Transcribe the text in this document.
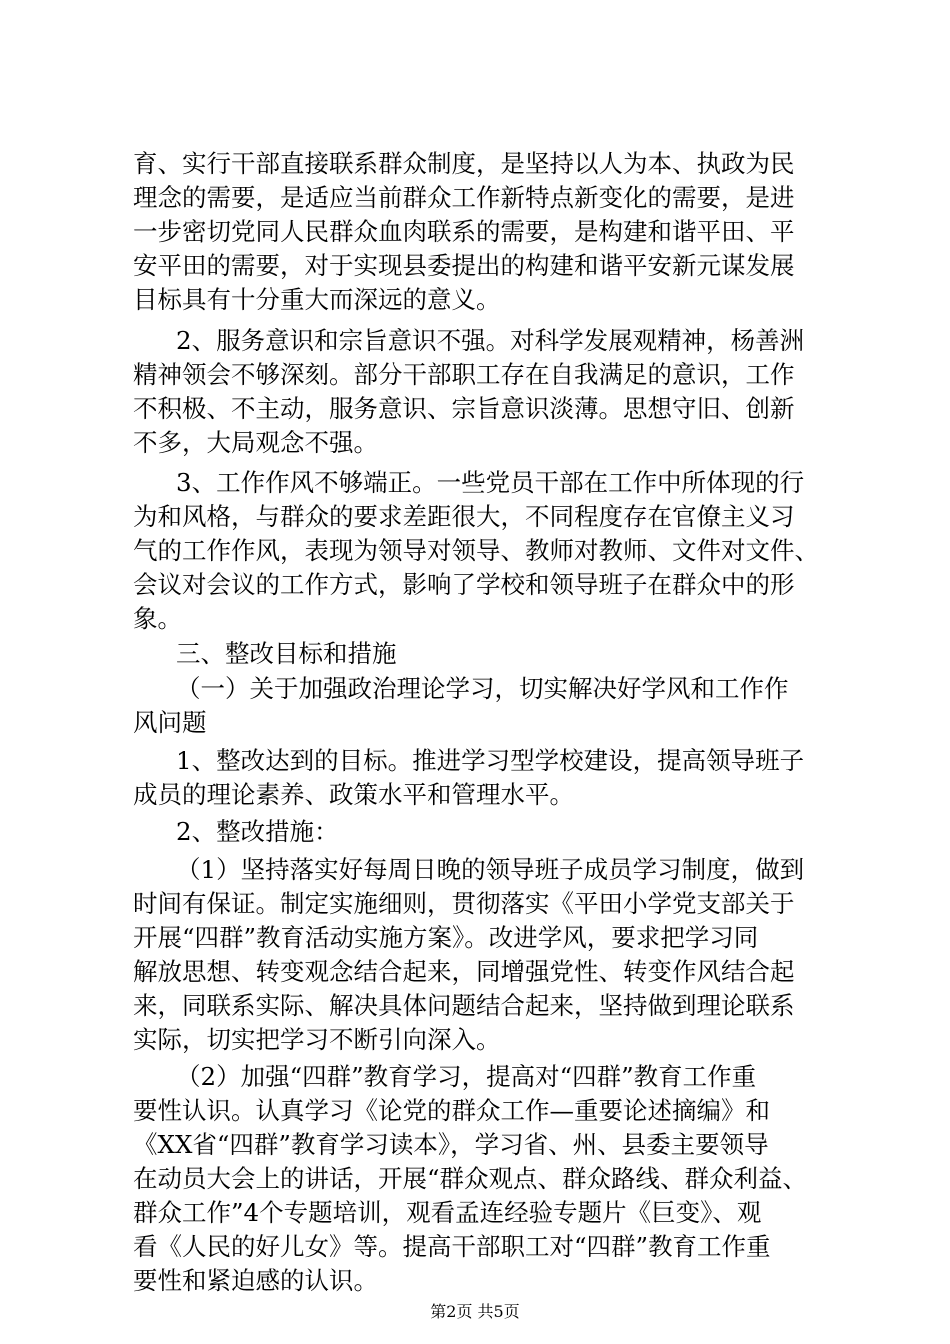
育、实行干部直接联系群众制度，是坚持以人为本、执政为民
理念的需要，是适应当前群众工作新特点新变化的需要，是进
一步密切党同人民群众血肉联系的需要，是构建和谐平田、平
安平田的需要，对于实现县委提出的构建和谐平安新元谋发展
目标具有十分重大而深远的意义。
2、服务意识和宗旨意识不强。对科学发展观精神，杨善洲
精神领会不够深刻。部分干部职工存在自我满足的意识，工作
不积极、不主动，服务意识、宗旨意识淡薄。思想守旧、创新
不多，大局观念不强。
3、工作作风不够端正。一些党员干部在工作中所体现的行
为和风格，与群众的要求差距很大，不同程度存在官僚主义习
气的工作作风，表现为领导对领导、教师对教师、文件对文件、
会议对会议的工作方式，影响了学校和领导班子在群众中的形
象。
三、整改目标和措施
（一）关于加强政治理论学习，切实解决好学风和工作作
风问题
1、整改达到的目标。推进学习型学校建设，提高领导班子
成员的理论素养、政策水平和管理水平。
2、整改措施：
（1）坚持落实好每周日晚的领导班子成员学习制度，做到
时间有保证。制定实施细则，贯彻落实《平田小学党支部关于
开展“四群”教育活动实施方案》。改进学风，要求把学习同
解放思想、转变观念结合起来，同增强党性、转变作风结合起
来，同联系实际、解决具体问题结合起来，坚持做到理论联系
实际，切实把学习不断引向深入。
（2）加强“四群”教育学习，提高对“四群”教育工作重
要性认识。认真学习《论党的群众工作—重要论述摘编》和
《XX省“四群”教育学习读本》，学习省、州、县委主要领导
在动员大会上的讲话，开展“群众观点、群众路线、群众利益、
群众工作”4个专题培训，观看孟连经验专题片《巨变》、观
看《人民的好儿女》等。提高干部职工对“四群”教育工作重
要性和紧迫感的认识。
第2页 共5页
